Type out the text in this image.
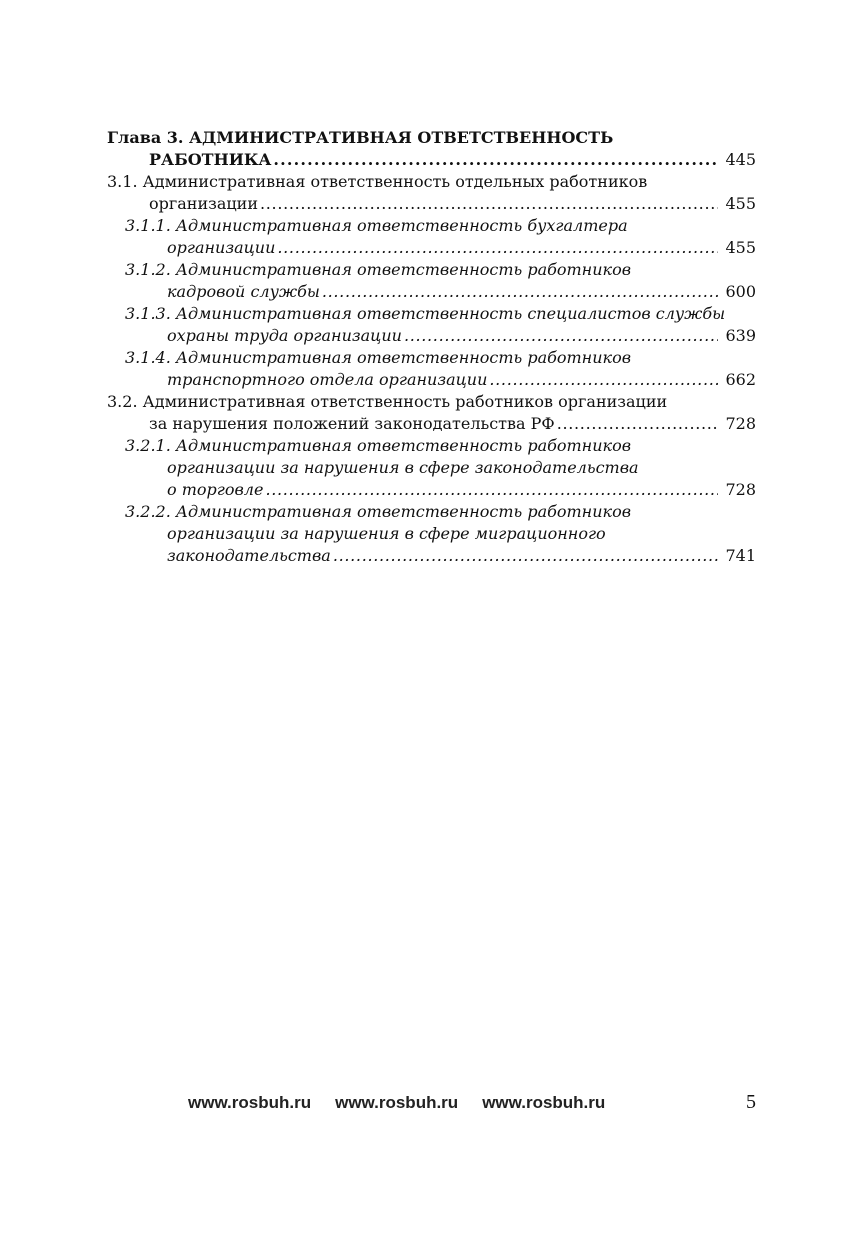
Глава 3. АДМИНИСТРАТИВНАЯ ОТВЕТСТВЕННОСТЬ
РАБОТНИКА . . .	445
3.1. Административная ответственность отдельных работников
организации . . .	455
3.1.1. Административная ответственность бухгалтера
организации . . .	455
3.1.2. Административная ответственность работников
кадровой службы . . .	600
3.1.3. Административная ответственность специалистов службы
охраны труда организации . . .	639
3.1.4. Административная ответственность работников
транспортного отдела организации . . .	662
3.2. Административная ответственность работников организации
за нарушения положений законодательства РФ . . .	728
3.2.1. Административная ответственность работников
организации за нарушения в сфере законодательства
о торговле . . .	728
3.2.2. Административная ответственность работников
организации за нарушения в сфере миграционного
законодательства . . .	741
www.rosbuh.ru www.rosbuh.ru www.rosbuh.ru	5
